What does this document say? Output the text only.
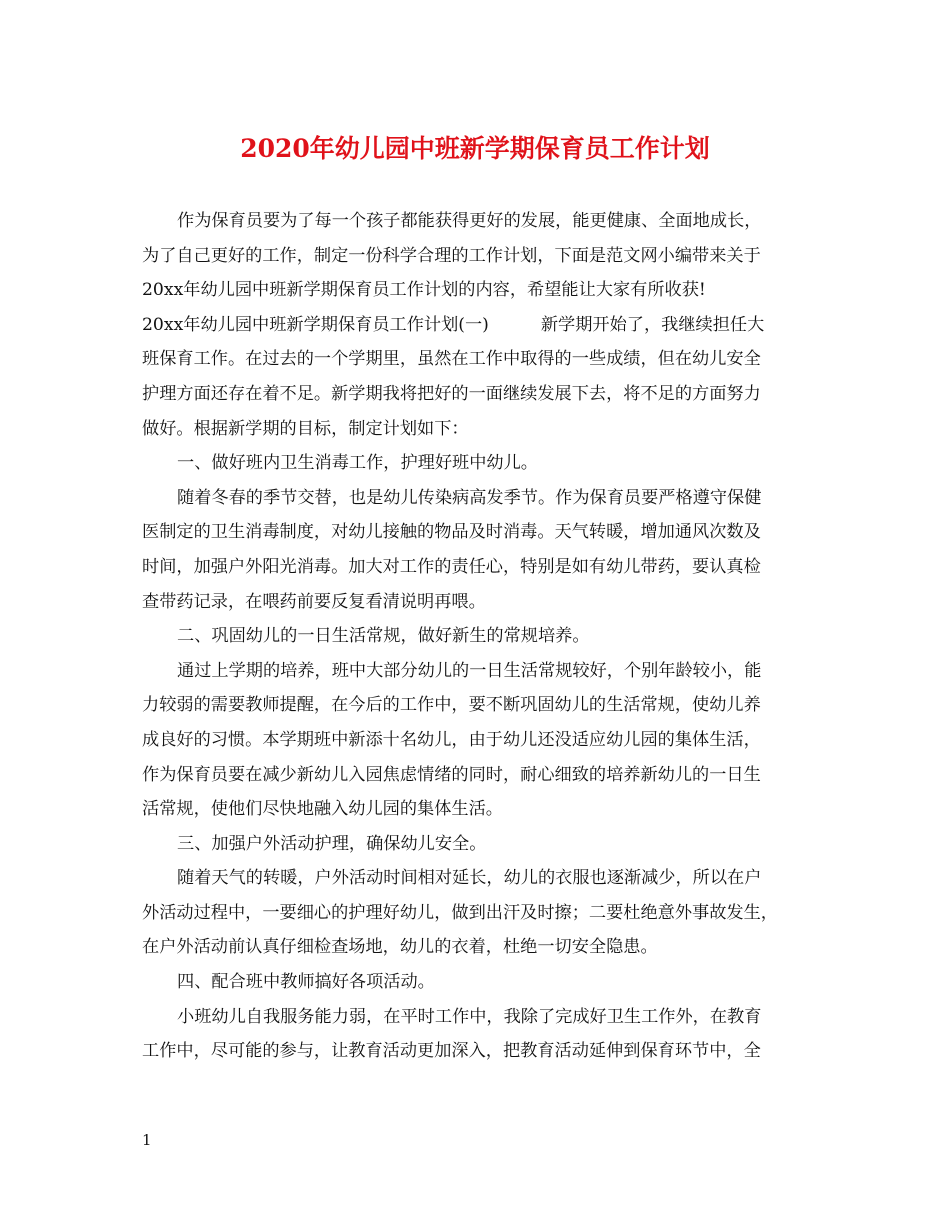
2020年幼儿园中班新学期保育员工作计划
作为保育员要为了每一个孩子都能获得更好的发展，能更健康、全面地成长，
为了自己更好的工作，制定一份科学合理的工作计划，下面是范文网小编带来关于
20xx年幼儿园中班新学期保育员工作计划的内容，希望能让大家有所收获!
20xx年幼儿园中班新学期保育员工作计划(一)	新学期开始了，我继续担任大
班保育工作。在过去的一个学期里，虽然在工作中取得的一些成绩，但在幼儿安全
护理方面还存在着不足。新学期我将把好的一面继续发展下去，将不足的方面努力
做好。根据新学期的目标，制定计划如下：
一、做好班内卫生消毒工作，护理好班中幼儿。
随着冬春的季节交替，也是幼儿传染病高发季节。作为保育员要严格遵守保健
医制定的卫生消毒制度，对幼儿接触的物品及时消毒。天气转暖，增加通风次数及
时间，加强户外阳光消毒。加大对工作的责任心，特别是如有幼儿带药，要认真检
查带药记录，在喂药前要反复看清说明再喂。
二、巩固幼儿的一日生活常规，做好新生的常规培养。
通过上学期的培养，班中大部分幼儿的一日生活常规较好，个别年龄较小，能
力较弱的需要教师提醒，在今后的工作中，要不断巩固幼儿的生活常规，使幼儿养
成良好的习惯。本学期班中新添十名幼儿，由于幼儿还没适应幼儿园的集体生活，
作为保育员要在减少新幼儿入园焦虑情绪的同时，耐心细致的培养新幼儿的一日生
活常规，使他们尽快地融入幼儿园的集体生活。
三、加强户外活动护理，确保幼儿安全。
随着天气的转暖，户外活动时间相对延长，幼儿的衣服也逐渐减少，所以在户
外活动过程中，一要细心的护理好幼儿，做到出汗及时擦；二要杜绝意外事故发生，
在户外活动前认真仔细检查场地，幼儿的衣着，杜绝一切安全隐患。
四、配合班中教师搞好各项活动。
小班幼儿自我服务能力弱，在平时工作中，我除了完成好卫生工作外，在教育
工作中，尽可能的参与，让教育活动更加深入，把教育活动延伸到保育环节中，全
1
